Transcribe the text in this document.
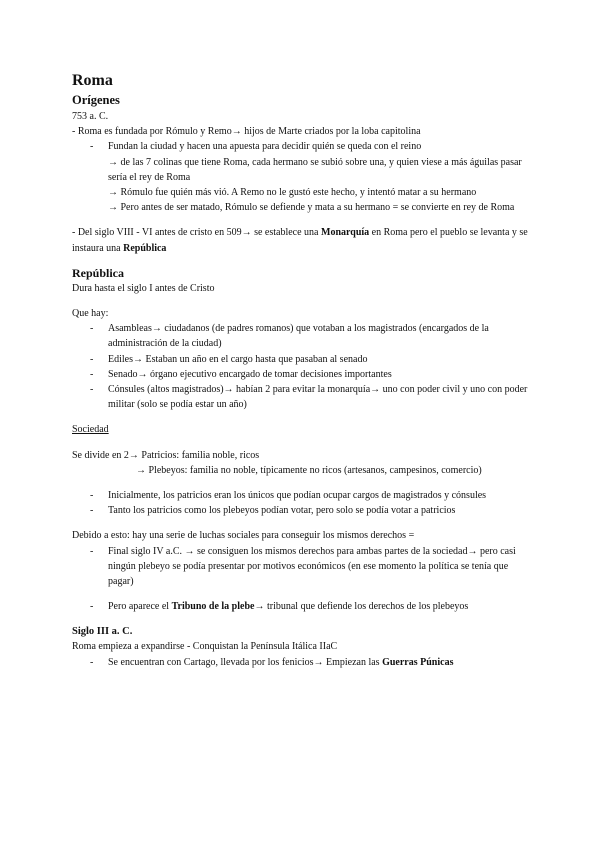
Roma
Orígenes

753 a. C.

- Roma es fundada por Rómulo y Remo→ hijos de Marte criados por la loba capitolina

- Fundan la ciudad y hacen una apuesta para decidir quién se queda con el reino

→ de las 7 colinas que tiene Roma, cada hermano se subió sobre una, y quien viese a más águilas pasar sería el rey de Roma

→ Rómulo fue quién más vió. A Remo no le gustó este hecho, y intentó matar a su hermano

→ Pero antes de ser matado, Rómulo se defiende y mata a su hermano = se convierte en rey de Roma

- Del siglo VIII - VI antes de cristo en 509→ se establece una Monarquía en Roma pero el pueblo se levanta y se instaura una República

República

Dura hasta el siglo I antes de Cristo

Que hay:

- Asambleas→ ciudadanos (de padres romanos) que votaban a los magistrados (encargados de la administración de la ciudad)
- Ediles→ Estaban un año en el cargo hasta que pasaban al senado
- Senado→ órgano ejecutivo encargado de tomar decisiones importantes
- Cónsules (altos magistrados)→ habían 2 para evitar la monarquía→ uno con poder civil y uno con poder militar (solo se podía estar un año)

Sociedad

Se divide en 2→ Patricios: familia noble, ricos

→ Plebeyos: familia no noble, típicamente no ricos (artesanos, campesinos, comercio)

- Inicialmente, los patricios eran los únicos que podían ocupar cargos de magistrados y cónsules
- Tanto los patricios como los plebeyos podían votar, pero solo se podía votar a patricios

Debido a esto: hay una serie de luchas sociales para conseguir los mismos derechos =

- Final siglo IV a.C. → se consiguen los mismos derechos para ambas partes de la sociedad→ pero casi ningún plebeyo se podía presentar por motivos económicos (en ese momento la política se tenía que pagar)
- Pero aparece el Tribuno de la plebe→ tribunal que defiende los derechos de los plebeyos
Siglo III a. C.

Roma empieza a expandirse - Conquistan la Península Itálica IIaC

- Se encuentran con Cartago, llevada por los fenicios→ Empiezan las Guerras Púnicas
